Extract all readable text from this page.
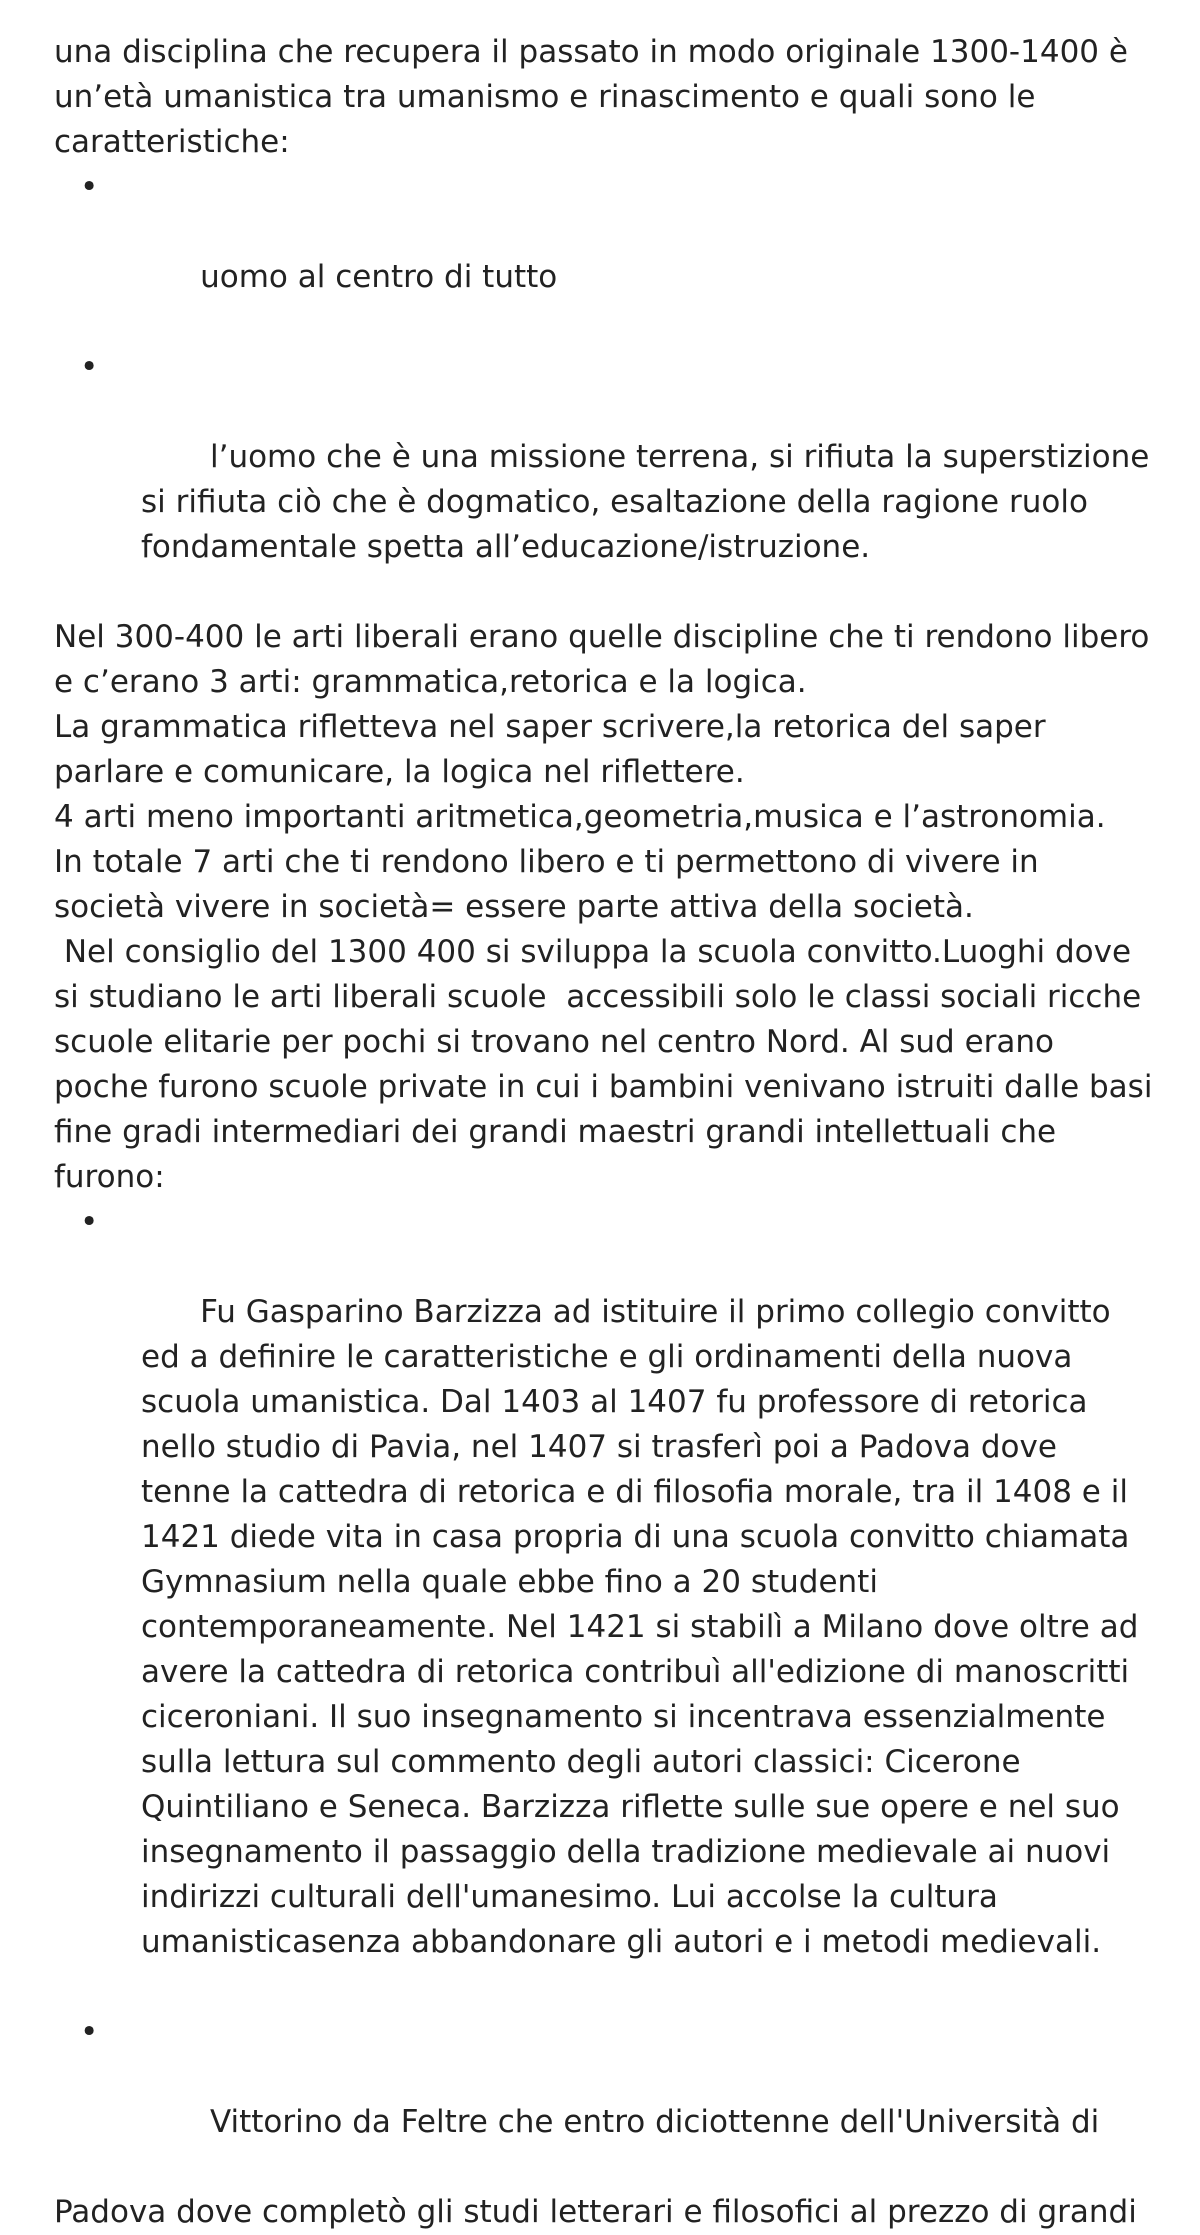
una disciplina che recupera il passato in modo originale 1300-1400 è un’età umanistica tra umanismo e rinascimento e quali sono le caratteristiche:

•

uomo al centro di tutto

•

l’uomo che è una missione terrena, si rifiuta la superstizione si rifiuta ciò che è dogmatico, esaltazione della ragione ruolo fondamentale spetta all’educazione/istruzione.

Nel 300-400 le arti liberali erano quelle discipline che ti rendono libero e c’erano 3 arti: grammatica,retorica e la logica.

La grammatica rifletteva nel saper scrivere,la retorica del saper parlare e comunicare, la logica nel riflettere.

4 arti meno importanti aritmetica,geometria,musica e l’astronomia.

In totale 7 arti che ti rendono libero e ti permettono di vivere in società vivere in società= essere parte attiva della società.

Nel consiglio del 1300 400 si sviluppa la scuola convitto.Luoghi dove si studiano le arti liberali scuole  accessibili solo le classi sociali ricche scuole elitarie per pochi si trovano nel centro Nord. Al sud erano poche furono scuole private in cui i bambini venivano istruiti dalle basi fine gradi intermediari dei grandi maestri grandi intellettuali che furono:

•

Fu Gasparino Barzizza ad istituire il primo collegio convitto ed a definire le caratteristiche e gli ordinamenti della nuova scuola umanistica. Dal 1403 al 1407 fu professore di retorica nello studio di Pavia, nel 1407 si trasferì poi a Padova dove tenne la cattedra di retorica e di filosofia morale, tra il 1408 e il 1421 diede vita in casa propria di una scuola convitto chiamata Gymnasium nella quale ebbe fino a 20 studenti contemporaneamente. Nel 1421 si stabilì a Milano dove oltre ad avere la cattedra di retorica contribuì all'edizione di manoscritti ciceroniani. Il suo insegnamento si incentrava essenzialmente sulla lettura sul commento degli autori classici: Cicerone Quintiliano e Seneca. Barzizza riflette sulle sue opere e nel suo insegnamento il passaggio della tradizione medievale ai nuovi indirizzi culturali dell'umanesimo. Lui accolse la cultura umanisticasenza abbandonare gli autori e i metodi medievali.

•

Vittorino da Feltre che entro diciottenne dell'Università di

Padova dove completò gli studi letterari e filosofici al prezzo di grandi
